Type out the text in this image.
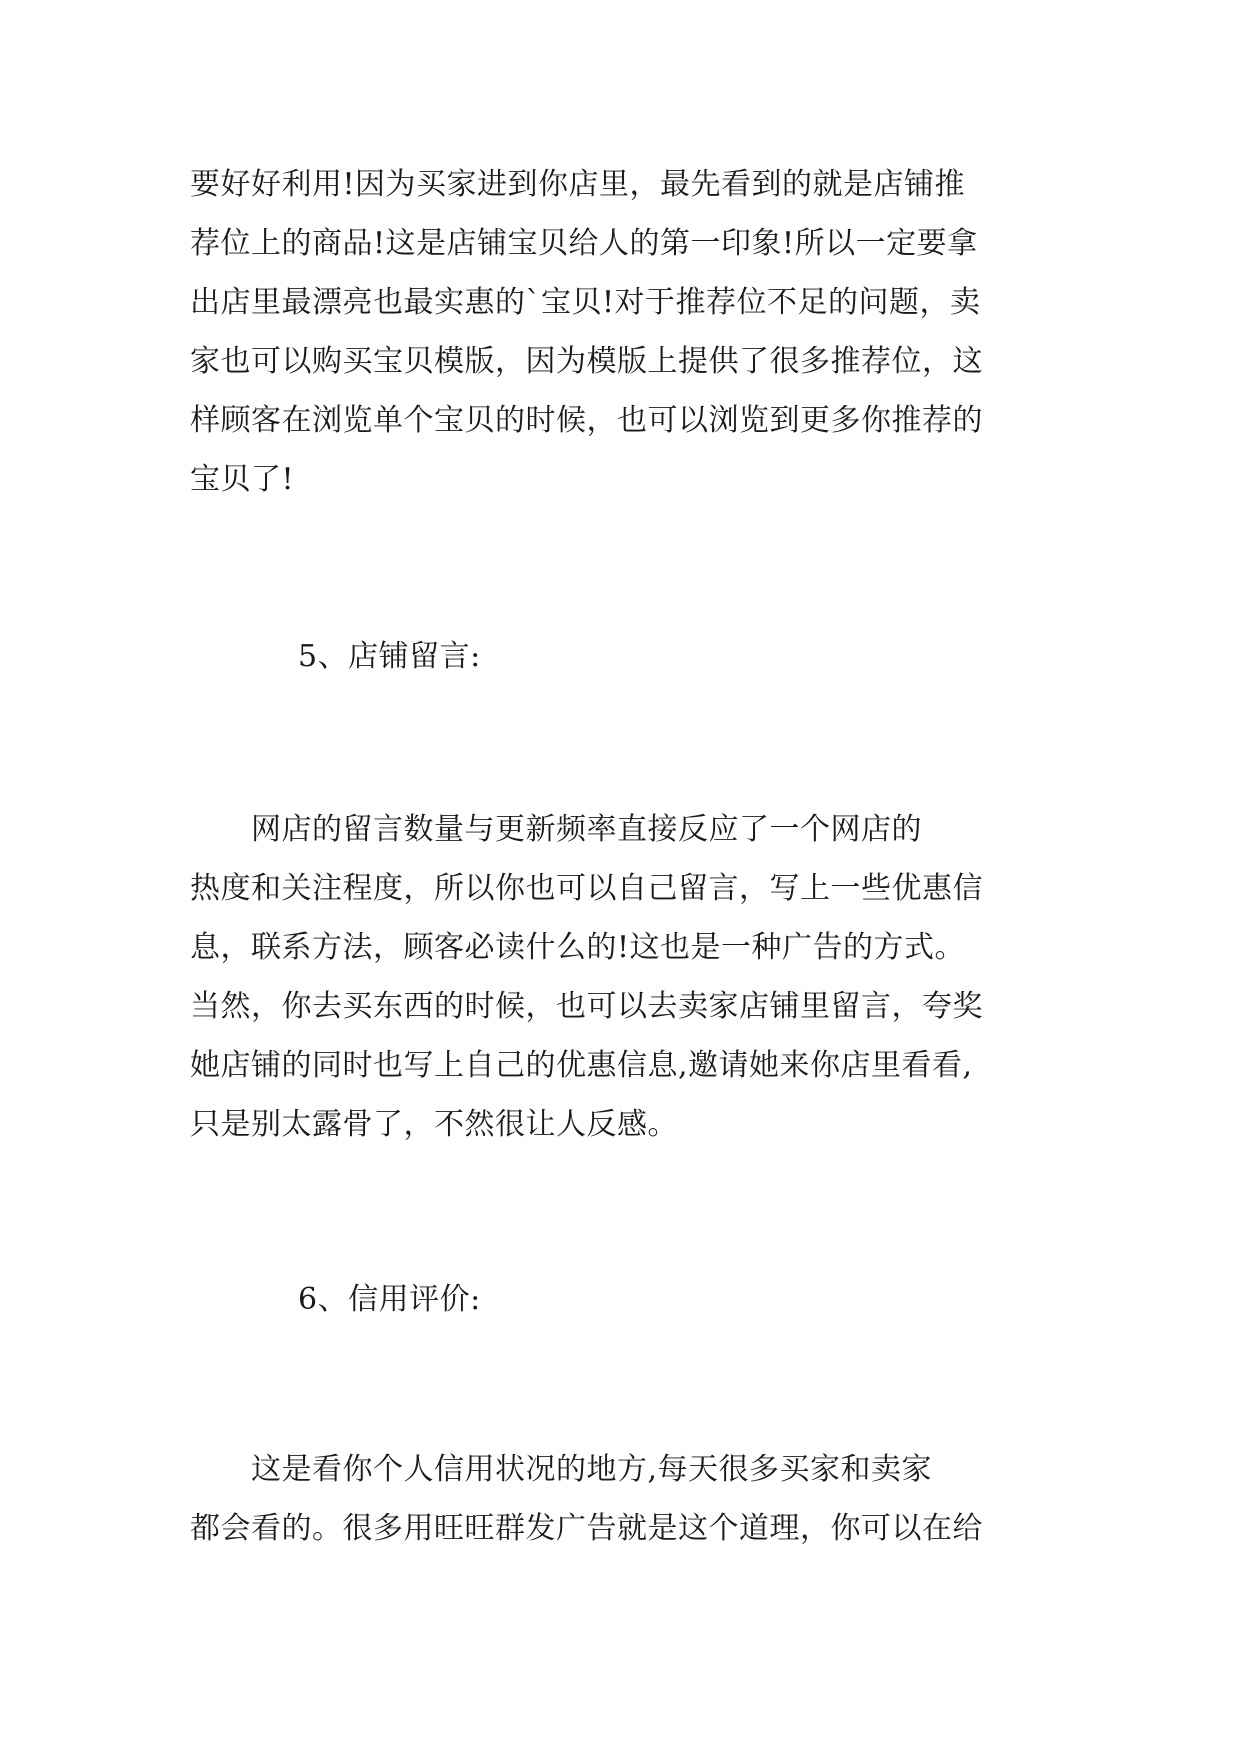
要好好利用!因为买家进到你店里，最先看到的就是店铺推
荐位上的商品!这是店铺宝贝给人的第一印象!所以一定要拿
出店里最漂亮也最实惠的`宝贝!对于推荐位不足的问题，卖
家也可以购买宝贝模版，因为模版上提供了很多推荐位，这
样顾客在浏览单个宝贝的时候，也可以浏览到更多你推荐的
宝贝了!
5、店铺留言:
　　网店的留言数量与更新频率直接反应了一个网店的
热度和关注程度，所以你也可以自己留言，写上一些优惠信
息，联系方法，顾客必读什么的!这也是一种广告的方式。
当然，你去买东西的时候，也可以去卖家店铺里留言，夸奖
她店铺的同时也写上自己的优惠信息,邀请她来你店里看看,
只是别太露骨了，不然很让人反感。
6、信用评价:
　　这是看你个人信用状况的地方,每天很多买家和卖家
都会看的。很多用旺旺群发广告就是这个道理，你可以在给
